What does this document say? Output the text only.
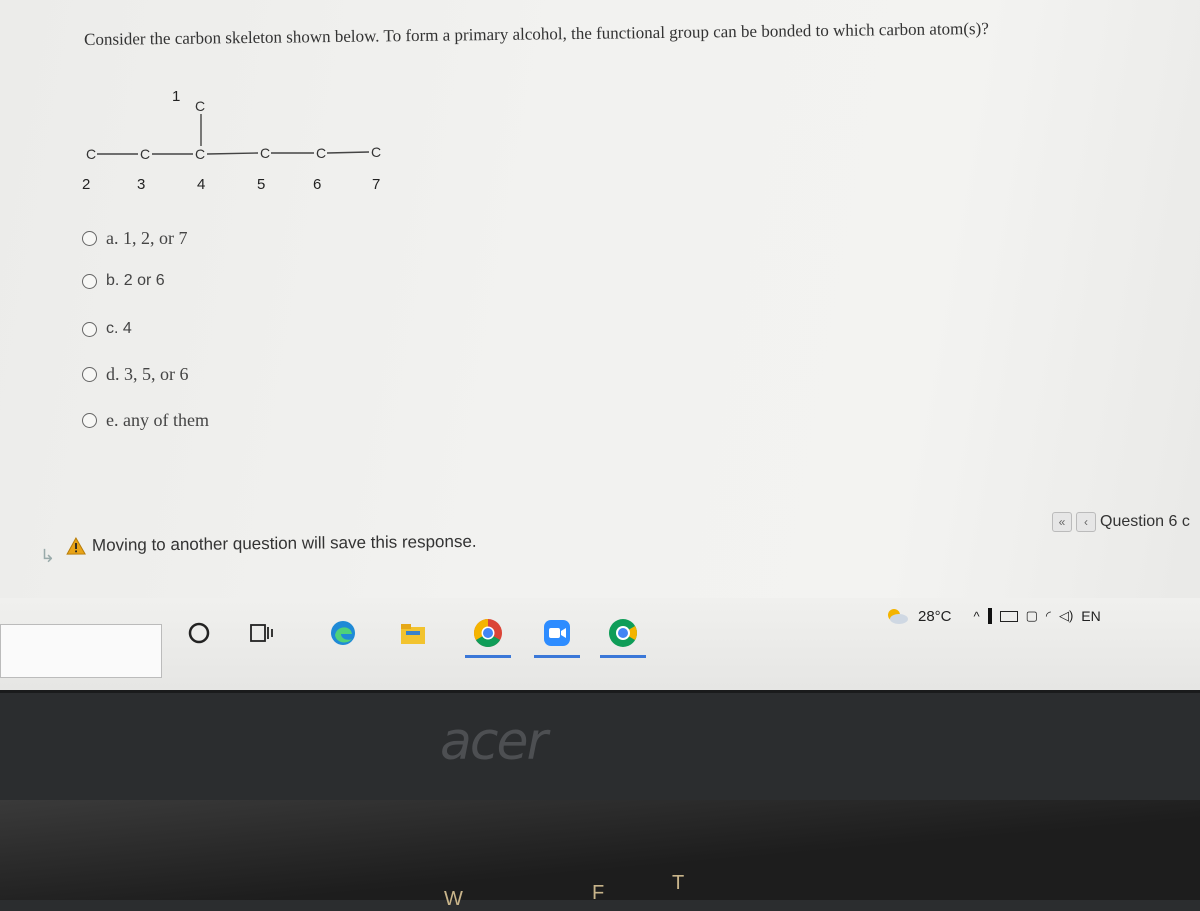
Consider the carbon skeleton shown below. To form a primary alcohol, the functional group can be bonded to which carbon atom(s)?
C
C	C	C	C	C	C
1
2	3	4	5	6	7
a. 1, 2, or 7
b. 2 or 6
c. 4
d. 3, 5, or 6
e. any of them
↳
Moving to another question will save this response.
«	‹ Question 6 c
28°C ^	▢ ◜ ◁) EN
acer
W	F	T
